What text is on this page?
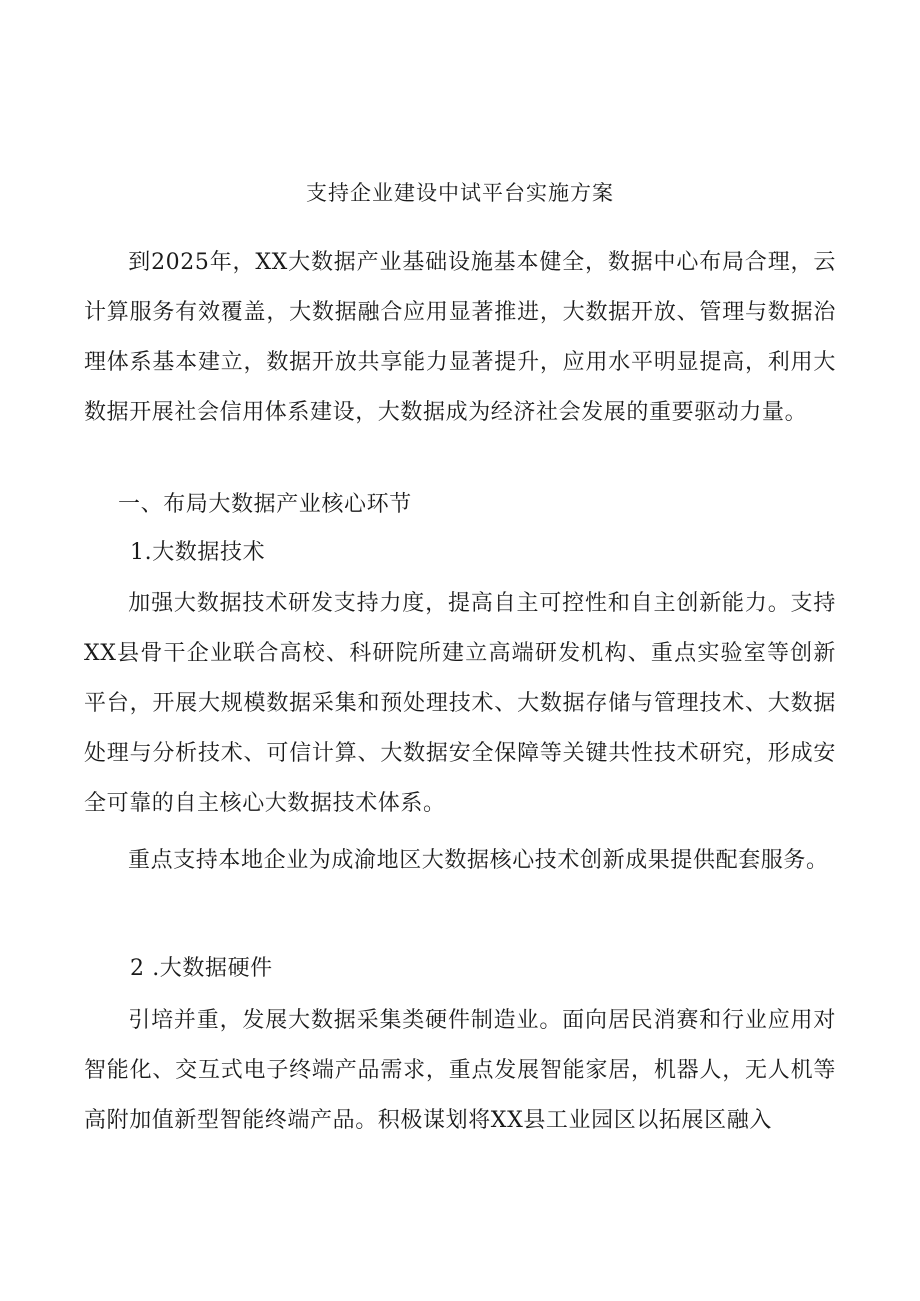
支持企业建设中试平台实施方案

到2025年，XX大数据产业基础设施基本健全，数据中心布局合理，云计算服务有效覆盖，大数据融合应用显著推进，大数据开放、管理与数据治理体系基本建立，数据开放共享能力显著提升，应用水平明显提高，利用大数据开展社会信用体系建设，大数据成为经济社会发展的重要驱动力量。

一、布局大数据产业核心环节

1.大数据技术

加强大数据技术研发支持力度，提高自主可控性和自主创新能力。支持XX县骨干企业联合高校、科研院所建立高端研发机构、重点实验室等创新平台，开展大规模数据采集和预处理技术、大数据存储与管理技术、大数据处理与分析技术、可信计算、大数据安全保障等关键共性技术研究，形成安全可靠的自主核心大数据技术体系。

重点支持本地企业为成渝地区大数据核心技术创新成果提供配套服务。

2 .大数据硬件

引培并重，发展大数据采集类硬件制造业。面向居民消赛和行业应用对智能化、交互式电子终端产品需求，重点发展智能家居，机器人，无人机等高附加值新型智能终端产品。积极谋划将XX县工业园区以拓展区融入
